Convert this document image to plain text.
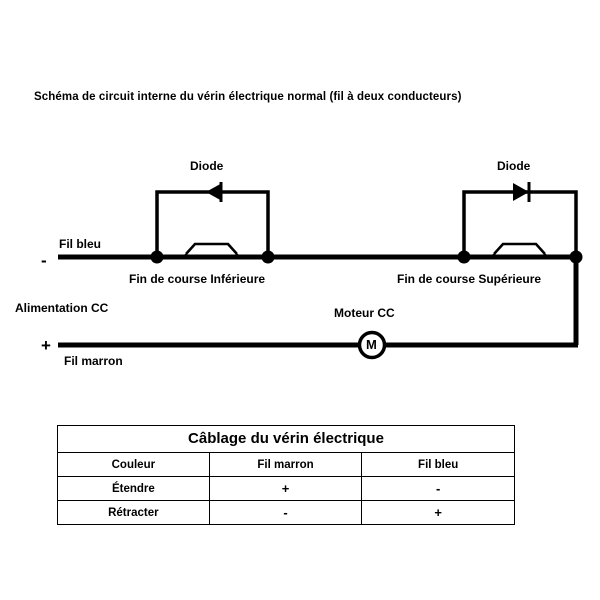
M
Schéma de circuit interne du vérin électrique normal (fil à deux conducteurs)
Diode	Diode
Fil bleu
-
+
Fin de course Inférieure	Fin de course Supérieure
Alimentation CC	Moteur CC
Fil marron
Câblage du vérin électrique		
Couleur	Fil marron	Fil bleu
Étendre	+	-
Rétracter	-	+
